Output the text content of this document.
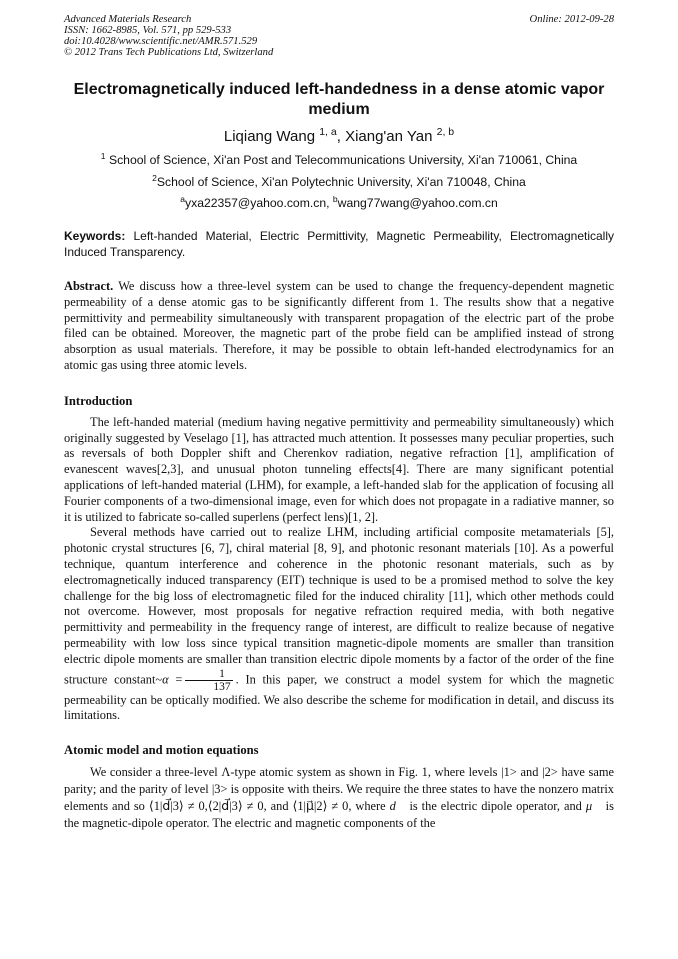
Advanced Materials Research
ISSN: 1662-8985, Vol. 571, pp 529-533
doi:10.4028/www.scientific.net/AMR.571.529
© 2012 Trans Tech Publications Ltd, Switzerland
Online: 2012-09-28
Electromagnetically induced left-handedness in a dense atomic vapor medium
Liqiang Wang $^{1, a}$, Xiang'an Yan $^{2, b}$
$^1$ School of Science, Xi'an Post and Telecommunications University, Xi'an 710061, China
$^2$School of Science, Xi'an Polytechnic University, Xi'an 710048, China
$^a$yxa22357@yahoo.com.cn, $^b$wang77wang@yahoo.com.cn
Keywords: Left-handed Material, Electric Permittivity, Magnetic Permeability, Electromagnetically Induced Transparency.

Abstract. We discuss how a three-level system can be used to change the frequency-dependent magnetic permeability of a dense atomic gas to be significantly different from 1. The results show that a negative permittivity and permeability simultaneously with transparent propagation of the electric part of the probe filed can be obtained. Moreover, the magnetic part of the probe field can be amplified instead of strong absorption as usual materials. Therefore, it may be possible to obtain left-handed electrodynamics for an atomic gas using three atomic levels.

Introduction

The left-handed material (medium having negative permittivity and permeability simultaneously) which originally suggested by Veselago [1], has attracted much attention. It possesses many peculiar properties, such as reversals of both Doppler shift and Cherenkov radiation, negative refraction [1], amplification of evanescent waves[2,3], and unusual photon tunneling effects[4]. There are many significant potential applications of left-handed material (LHM), for example, a left-handed slab for the application of focusing all Fourier components of a two-dimensional image, even for which does not propagate in a radiative manner, so it is utilized to fabricate so-called superlens (perfect lens)[1, 2].

Several methods have carried out to realize LHM, including artificial composite metamaterials [5], photonic crystal structures [6, 7], chiral material [8, 9], and photonic resonant materials [10]. As a powerful technique, quantum interference and coherence in the photonic resonant materials, such as by electromagnetically induced transparency (EIT) technique is used to be a promised method to solve the key challenge for the big loss of electromagnetic filed for the induced chirality [11], which other methods could not overcome. However, most proposals for negative refraction required media, with both negative permittivity and permeability in the frequency range of interest, are difficult to realize because of negative permeability with low loss since typical transition magnetic-dipole moments are smaller than transition electric dipole moments are smaller than transition electric dipole moments by a factor of the order of the fine structure constant~α = $\frac{1}{137}$ . In this paper, we construct a model system for which the magnetic permeability can be optically modified. We also describe the scheme for modification in detail, and discuss its limitations.

Atomic model and motion equations

We consider a three-level Λ-type atomic system as shown in Fig. 1, where levels |1> and |2> have same parity; and the parity of level |3> is opposite with theirs. We require the three states to have the nonzero matrix elements and so ⟨1|d⃗|3⟩ ≠ 0,⟨2|d⃗|3⟩ ≠ 0, and ⟨1|μ⃗|2⟩ ≠ 0, where d⃗ is the electric dipole operator, and μ⃗ is the magnetic-dipole operator. The electric and magnetic components of the
